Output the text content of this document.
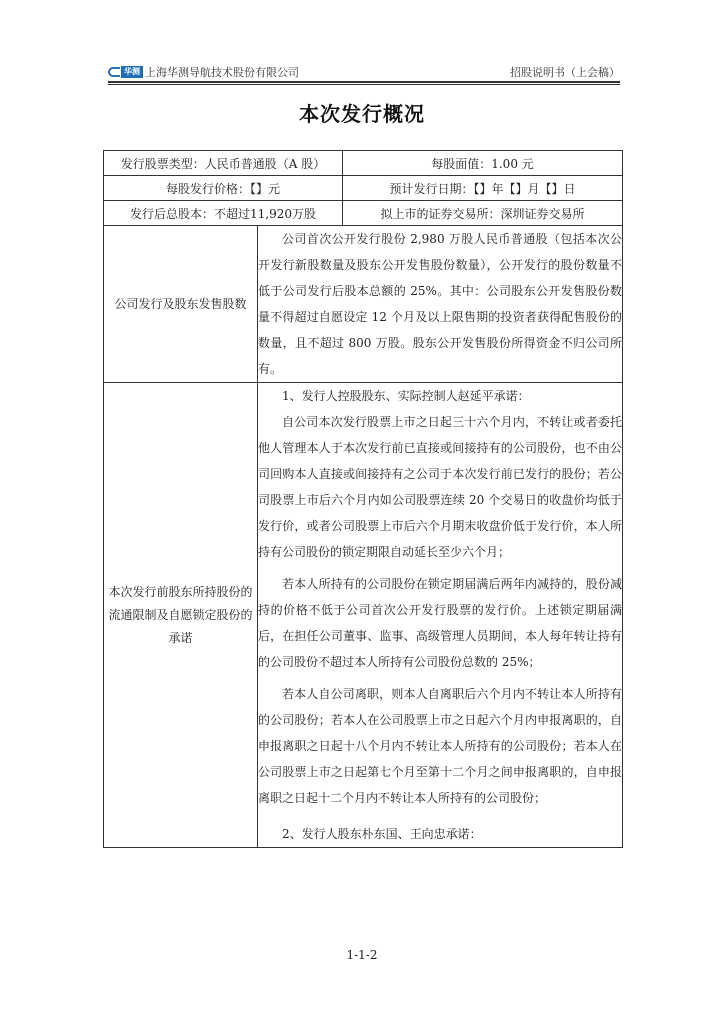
华测 上海华测导航技术股份有限公司	招股说明书（上会稿）
本次发行概况
发行股票类型：人民币普通股（A 股）		每股面值：1.00 元
每股发行价格：【】元		预计发行日期：【】年【】月【】日
发行后总股本：不超过11,920万股		拟上市的证券交易所：深圳证券交易所
公司发行及股东发售股数	公司首次公开发行股份 2,980 万股人民币普通股（包括本次公开发行新股数量及股东公开发售股份数量），公开发行的股份数量不低于公司发行后股本总额的 25%。其中：公司股东公开发售股份数量不得超过自愿设定 12 个月及以上限售期的投资者获得配售股份的数量，且不超过 800 万股。股东公开发售股份所得资金不归公司所有。	

本次发行前股东所持股份的流通限制及自愿锁定股份的承诺	1、发行人控股股东、实际控制人赵延平承诺：

自公司本次发行股票上市之日起三十六个月内，不转让或者委托他人管理本人于本次发行前已直接或间接持有的公司股份，也不由公司回购本人直接或间接持有之公司于本次发行前已发行的股份；若公司股票上市后六个月内如公司股票连续 20 个交易日的收盘价均低于发行价，或者公司股票上市后六个月期末收盘价低于发行价，本人所持有公司股份的锁定期限自动延长至少六个月；

若本人所持有的公司股份在锁定期届满后两年内减持的，股份减持的价格不低于公司首次公开发行股票的发行价。上述锁定期届满后，在担任公司董事、监事、高级管理人员期间，本人每年转让持有的公司股份不超过本人所持有公司股份总数的 25%；

若本人自公司离职，则本人自离职后六个月内不转让本人所持有的公司股份；若本人在公司股票上市之日起六个月内申报离职的，自申报离职之日起十八个月内不转让本人所持有的公司股份；若本人在公司股票上市之日起第七个月至第十二个月之间申报离职的，自申报离职之日起十二个月内不转让本人所持有的公司股份；

2、发行人股东朴东国、王向忠承诺：	

1-1-2
